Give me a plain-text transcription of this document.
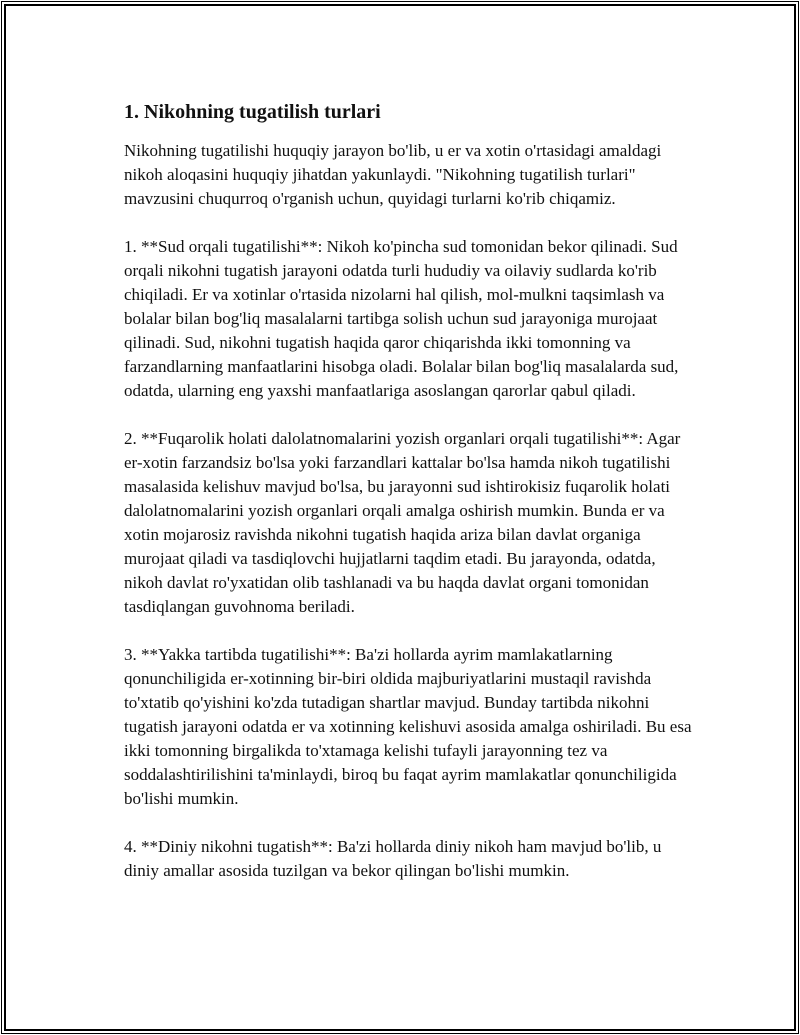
1. Nikohning tugatilish turlari

Nikohning tugatilishi huquqiy jarayon bo'lib, u er va xotin o'rtasidagi amaldagi nikoh aloqasini huquqiy jihatdan yakunlaydi. "Nikohning tugatilish turlari" mavzusini chuqurroq o'rganish uchun, quyidagi turlarni ko'rib chiqamiz.

1. **Sud orqali tugatilishi**: Nikoh ko'pincha sud tomonidan bekor qilinadi. Sud orqali nikohni tugatish jarayoni odatda turli hududiy va oilaviy sudlarda ko'rib chiqiladi. Er va xotinlar o'rtasida nizolarni hal qilish, mol-mulkni taqsimlash va bolalar bilan bog'liq masalalarni tartibga solish uchun sud jarayoniga murojaat qilinadi. Sud, nikohni tugatish haqida qaror chiqarishda ikki tomonning va farzandlarning manfaatlarini hisobga oladi. Bolalar bilan bog'liq masalalarda sud, odatda, ularning eng yaxshi manfaatlariga asoslangan qarorlar qabul qiladi.

2. **Fuqarolik holati dalolatnomalarini yozish organlari orqali tugatilishi**: Agar er-xotin farzandsiz bo'lsa yoki farzandlari kattalar bo'lsa hamda nikoh tugatilishi masalasida kelishuv mavjud bo'lsa, bu jarayonni sud ishtirokisiz fuqarolik holati dalolatnomalarini yozish organlari orqali amalga oshirish mumkin. Bunda er va xotin mojarosiz ravishda nikohni tugatish haqida ariza bilan davlat organiga murojaat qiladi va tasdiqlovchi hujjatlarni taqdim etadi. Bu jarayonda, odatda, nikoh davlat ro'yxatidan olib tashlanadi va bu haqda davlat organi tomonidan tasdiqlangan guvohnoma beriladi.

3. **Yakka tartibda tugatilishi**: Ba'zi hollarda ayrim mamlakatlarning qonunchiligida er-xotinning bir-biri oldida majburiyatlarini mustaqil ravishda to'xtatib qo'yishini ko'zda tutadigan shartlar mavjud. Bunday tartibda nikohni tugatish jarayoni odatda er va xotinning kelishuvi asosida amalga oshiriladi. Bu esa ikki tomonning birgalikda to'xtamaga kelishi tufayli jarayonning tez va soddalashtirilishini ta'minlaydi, biroq bu faqat ayrim mamlakatlar qonunchiligida bo'lishi mumkin.

4. **Diniy nikohni tugatish**: Ba'zi hollarda diniy nikoh ham mavjud bo'lib, u diniy amallar asosida tuzilgan va bekor qilingan bo'lishi mumkin.
